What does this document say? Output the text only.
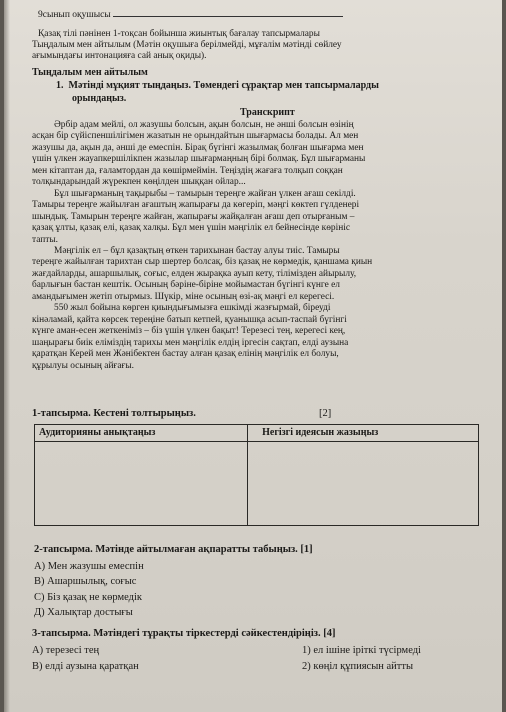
9сынып оқушысы
Қазақ тілі пәнінен 1-тоқсан бойынша жиынтық бағалау тапсырмалары
Тыңдалым мен айтылым (Мәтін оқушыға берілмейді, мұғалім мәтінді сөйлеу
ағымындағы интонацияға сай анық оқиды).
Тыңдалым мен айтылым
1. Мәтінді мұқият тыңдаңыз. Төмендегі сұрақтар мен тапсырмаларды
орындаңыз.
Транскрипт
Әрбір адам мейлі, ол жазушы болсын, ақын болсын, не әнші болсын өзінің
асқан бір сүйіспеншілігімен жазатын не орындайтын шығармасы болады. Ал мен
жазушы да, ақын да, әнші де емеспін. Бірақ бүгінгі жазылмақ болған шығарма мен
үшін үлкен жауапкершілікпен жазылар шығармаңның бірі болмақ. Бұл шығарманы
мен кітаптан да, ғаламтордан да көшірмеймін. Теңіздің жағаға толқып соққан
толқындарындай жүрекпен көңілден шыққан ойлар...
Бұл шығарманың тақырыбы – тамырын тереңге жайған үлкен ағаш секілді.
Тамыры тереңге жайылған ағаштың жапырағы да көгеріп, мәңгі көктеп гүлденері
шындық. Тамырын тереңге жайған, жапырағы жайқалған ағаш деп отырғаным –
қазақ ұлты, қазақ елі, қазақ халқы. Бұл мен үшін мәңгілік ел бейнесінде көрініс
тапты.
Мәңгілік ел – бұл қазақтың өткен тарихынан бастау алуы тиіс. Тамыры
тереңге жайылған тарихтан сыр шертер болсақ, біз қазақ не көрмедік, қаншама қиын
жағдайларды, ашаршылық, соғыс, елден жырақка ауып кету, тілімізден айырылу,
барлығын бастан кештік. Осының бәріне-біріне мойымастан бүгінгі күнге ел
амандығымен жетіп отырмыз. Шүкір, міне осының өзі-ақ мәңгі ел керегесі.
550 жыл бойына көрген қиындығымызға ешкімді жазғырмай, біреуді
кінәламай, қайта көрсек тереңіне батып кетпей, қуанышқа асып-таспай бүгінгі
күнге аман-есен жеткеніміз – біз үшін үлкен бақыт! Терезесі тең, керегесі кең,
шаңырағы биік еліміздің тарихы мен мәңгілік елдің іргесін сақтап, елді аузына
қаратқан Керей мен Жәнібектен бастау алған қазақ елінің мәңгілік ел болуы,
құрылуы осының айғағы.
1-тапсырма. Кестені толтырыңыз.	[2]
Аудиторияны анықтаңыз	Негізгі идеясын жазыңыз

2-тапсырма. Мәтінде айтылмаған ақпаратты табыңыз. [1]
А) Мен жазушы емеспін
В) Ашаршылық, соғыс
С) Біз қазақ не көрмедік
Д) Халықтар достығы
3-тапсырма. Мәтіндегі тұрақты тіркестерді сәйкестендіріңіз. [4]
А) терезесі тең	1) ел ішіне іріткі түсірмеді
В) елді аузына қаратқан	2) көңіл құпиясын айтты
